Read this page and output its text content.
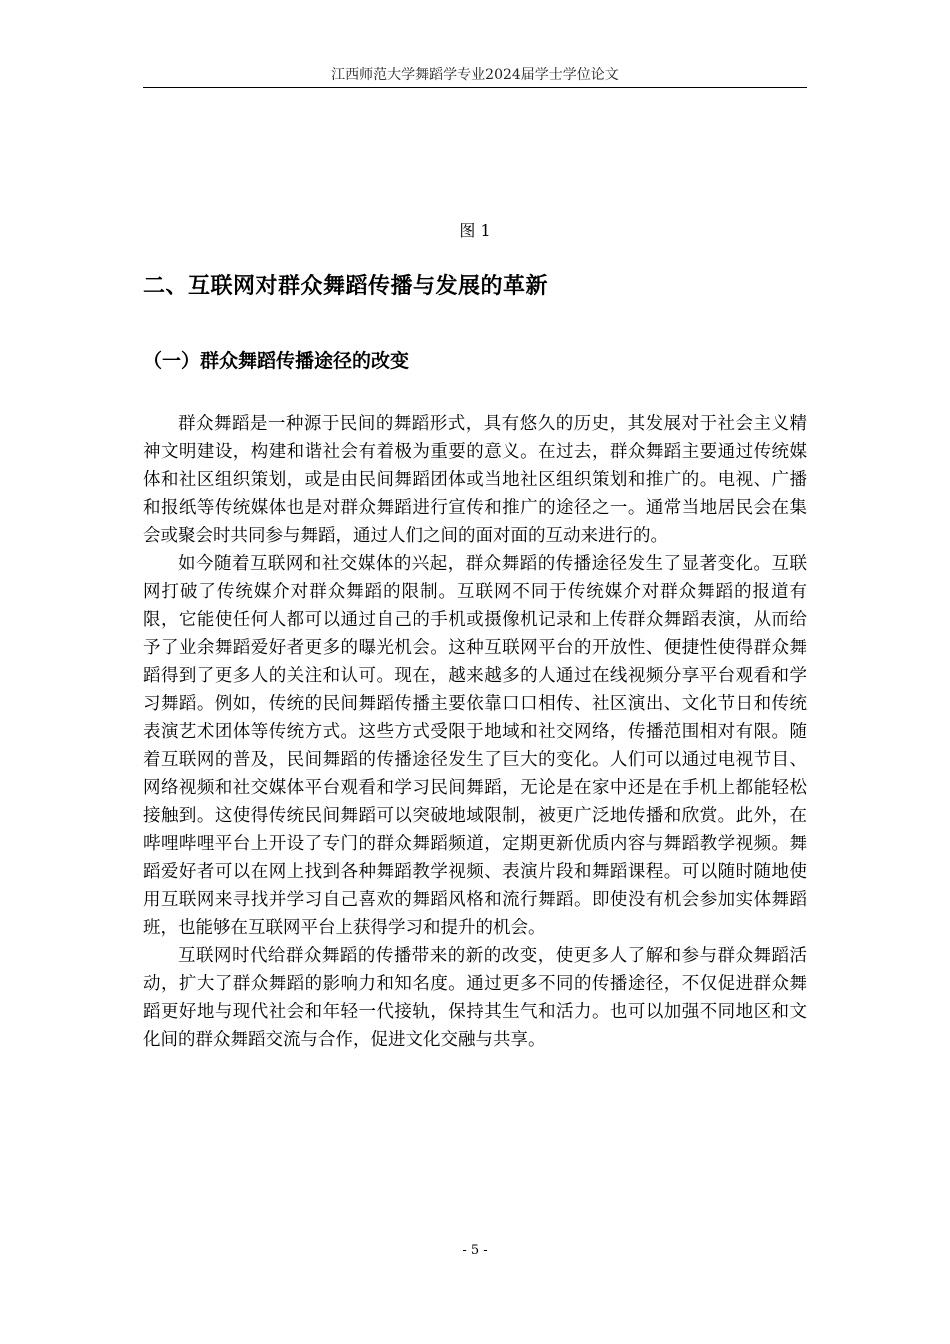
江西师范大学舞蹈学专业2024届学士学位论文
图 1
二、互联网对群众舞蹈传播与发展的革新
（一）群众舞蹈传播途径的改变

群众舞蹈是一种源于民间的舞蹈形式，具有悠久的历史，其发展对于社会主义精神文明建设，构建和谐社会有着极为重要的意义。在过去，群众舞蹈主要通过传统媒体和社区组织策划，或是由民间舞蹈团体或当地社区组织策划和推广的。电视、广播和报纸等传统媒体也是对群众舞蹈进行宣传和推广的途径之一。通常当地居民会在集会或聚会时共同参与舞蹈，通过人们之间的面对面的互动来进行的。

如今随着互联网和社交媒体的兴起，群众舞蹈的传播途径发生了显著变化。互联网打破了传统媒介对群众舞蹈的限制。互联网不同于传统媒介对群众舞蹈的报道有限，它能使任何人都可以通过自己的手机或摄像机记录和上传群众舞蹈表演，从而给予了业余舞蹈爱好者更多的曝光机会。这种互联网平台的开放性、便捷性使得群众舞蹈得到了更多人的关注和认可。现在，越来越多的人通过在线视频分享平台观看和学习舞蹈。例如，传统的民间舞蹈传播主要依靠口口相传、社区演出、文化节日和传统表演艺术团体等传统方式。这些方式受限于地域和社交网络，传播范围相对有限。随着互联网的普及，民间舞蹈的传播途径发生了巨大的变化。人们可以通过电视节目、网络视频和社交媒体平台观看和学习民间舞蹈，无论是在家中还是在手机上都能轻松接触到。这使得传统民间舞蹈可以突破地域限制，被更广泛地传播和欣赏。此外，在哔哩哔哩平台上开设了专门的群众舞蹈频道，定期更新优质内容与舞蹈教学视频。舞蹈爱好者可以在网上找到各种舞蹈教学视频、表演片段和舞蹈课程。可以随时随地使用互联网来寻找并学习自己喜欢的舞蹈风格和流行舞蹈。即使没有机会参加实体舞蹈班，也能够在互联网平台上获得学习和提升的机会。

互联网时代给群众舞蹈的传播带来的新的改变，使更多人了解和参与群众舞蹈活动，扩大了群众舞蹈的影响力和知名度。通过更多不同的传播途径，不仅促进群众舞蹈更好地与现代社会和年轻一代接轨，保持其生气和活力。也可以加强不同地区和文化间的群众舞蹈交流与合作，促进文化交融与共享。

- 5 -
